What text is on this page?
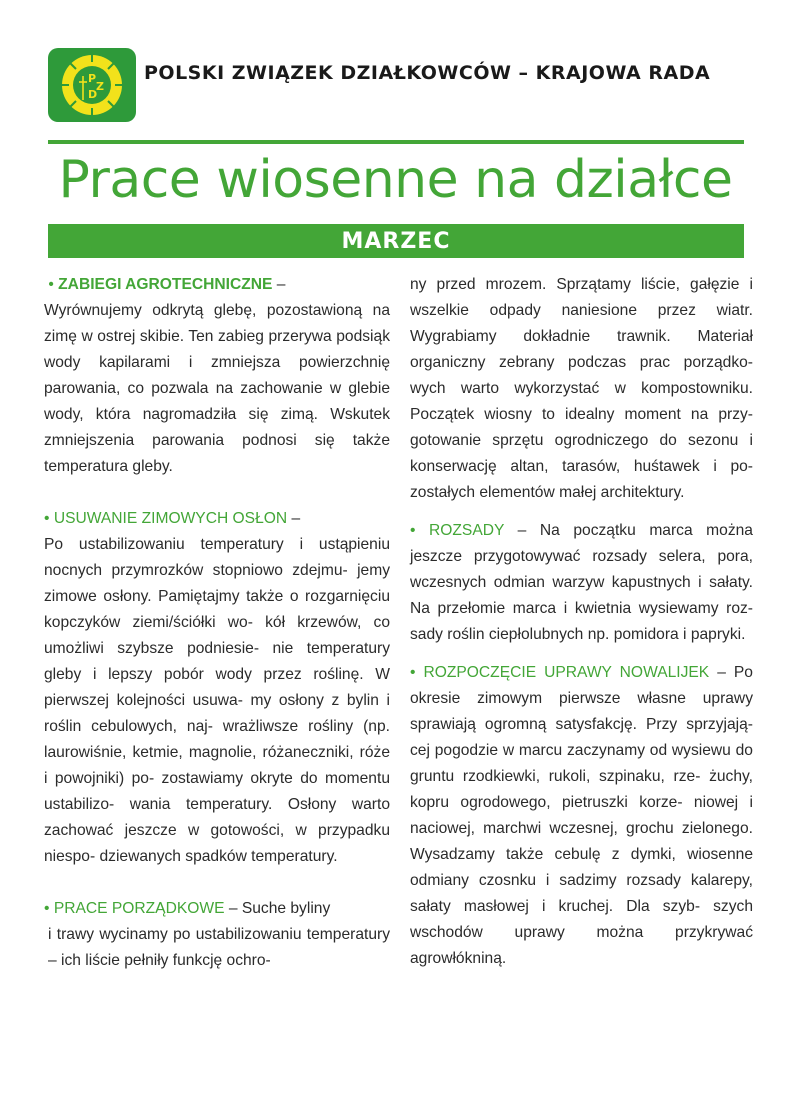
P
Z
D
POLSKI ZWIĄZEK DZIAŁKOWCÓW – KRAJOWA RADA
Prace wiosenne na działce
MARZEC

• ZABIEGI AGROTECHNICZNE –

Wyrównujemy odkrytą glebę, pozostawioną na zimę w ostrej skibie. Ten zabieg przerywa podsiąk wody kapilarami i zmniejsza powierzchnię parowania, co pozwala na zachowanie w glebie wody, która nagromadziła się zimą. Wskutek zmniejszenia parowania podnosi się także temperatura gleby.

• USUWANIE ZIMOWYCH OSŁON –

Po ustabilizowaniu temperatury i ustąpieniu nocnych przymrozków stopniowo zdejmu- jemy zimowe osłony. Pamiętajmy także o rozgarnięciu kopczyków ziemi/ściółki wo- kół krzewów, co umożliwi szybsze podniesie- nie temperatury gleby i lepszy pobór wody przez roślinę. W pierwszej kolejności usuwa- my osłony z bylin i roślin cebulowych, naj- wrażliwsze rośliny (np. laurowiśnie, ketmie, magnolie, różaneczniki, róże i powojniki) po- zostawiamy okryte do momentu ustabilizo- wania temperatury. Osłony warto zachować jeszcze w gotowości, w przypadku niespo- dziewanych spadków temperatury.

• PRACE PORZĄDKOWE – Suche byliny

i trawy wycinamy po ustabilizowaniu temperatury – ich liście pełniły funkcję ochro-

ny przed mrozem. Sprzątamy liście, gałęzie i wszelkie odpady naniesione przez wiatr. Wygrabiamy dokładnie trawnik. Materiał organiczny zebrany podczas prac porządko- wych warto wykorzystać w kompostowniku. Początek wiosny to idealny moment na przy- gotowanie sprzętu ogrodniczego do sezonu i konserwację altan, tarasów, huśtawek i po- zostałych elementów małej architektury.

• ROZSADY – Na początku marca można jeszcze przygotowywać rozsady selera, pora, wczesnych odmian warzyw kapustnych i sałaty. Na przełomie marca i kwietnia wysiewamy roz- sady roślin ciepłolubnych np. pomidora i papryki.

• ROZPOCZĘCIE UPRAWY NOWALIJEK – Po okresie zimowym pierwsze własne uprawy sprawiają ogromną satysfakcję. Przy sprzyjają- cej pogodzie w marcu zaczynamy od wysiewu do gruntu rzodkiewki, rukoli, szpinaku, rze- żuchy, kopru ogrodowego, pietruszki korze- niowej i naciowej, marchwi wczesnej, grochu zielonego. Wysadzamy także cebulę z dymki, wiosenne odmiany czosnku i sadzimy rozsady kalarepy, sałaty masłowej i kruchej. Dla szyb- szych wschodów uprawy można przykrywać agrowłókniną.
